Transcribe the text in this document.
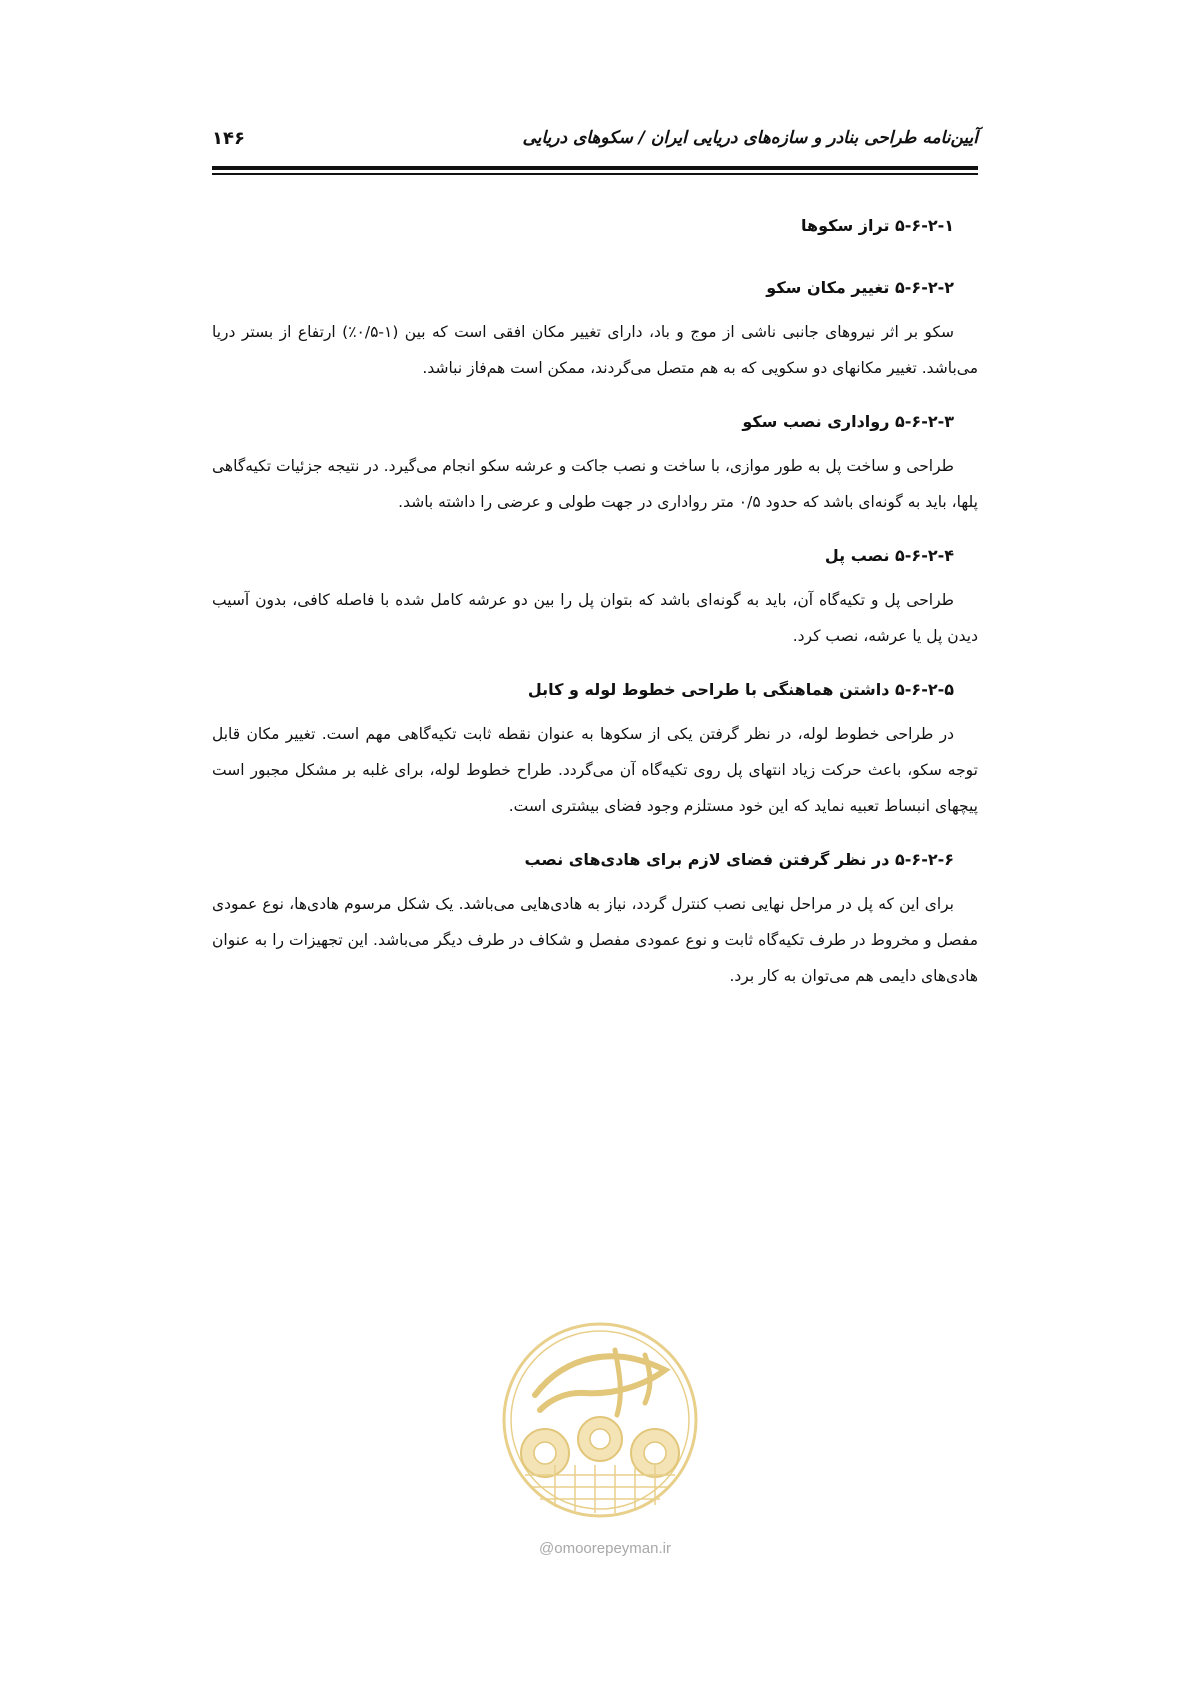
آیین‌نامه طراحی بنادر و سازه‌های دریایی ایران / سکوهای دریایی
۱۴۶

۵-۶-۲-۱ تراز سکوها

۵-۶-۲-۲ تغییر مکان سکو

سکو بر اثر نیروهای جانبی ناشی از موج و باد، دارای تغییر مکان افقی است که بین (۱-۰/۵٪) ارتفاع از بستر دریا می‌باشد. تغییر مکانهای دو سکویی که به هم متصل می‌گردند، ممکن است هم‌فاز نباشد.

۵-۶-۲-۳ رواداری نصب سکو

طراحی و ساخت پل به طور موازی، با ساخت و نصب جاکت و عرشه سکو انجام می‌گیرد. در نتیجه جزئیات تکیه‌گاهی پلها، باید به گونه‌ای باشد که حدود ۰/۵ متر رواداری در جهت طولی و عرضی را داشته باشد.

۵-۶-۲-۴ نصب پل

طراحی پل و تکیه‌گاه آن، باید به گونه‌ای باشد که بتوان پل را بین دو عرشه کامل شده با فاصله کافی، بدون آسیب دیدن پل یا عرشه، نصب کرد.

۵-۶-۲-۵ داشتن هماهنگی با طراحی خطوط لوله و کابل

در طراحی خطوط لوله، در نظر گرفتن یکی از سکوها به عنوان نقطه ثابت تکیه‌گاهی مهم است. تغییر مکان قابل توجه سکو، باعث حرکت زیاد انتهای پل روی تکیه‌گاه آن می‌گردد. طراح خطوط لوله، برای غلبه بر مشکل مجبور است پیچهای انبساط تعبیه نماید که این خود مستلزم وجود فضای بیشتری است.

۵-۶-۲-۶ در نظر گرفتن فضای لازم برای هادی‌های نصب

برای این که پل در مراحل نهایی نصب کنترل گردد، نیاز به هادی‌هایی می‌باشد. یک شکل مرسوم هادی‌ها، نوع عمودی مفصل و مخروط در طرف تکیه‌گاه ثابت و نوع عمودی مفصل و شکاف در طرف دیگر می‌باشد. این تجهیزات را به عنوان هادی‌های دایمی هم می‌توان به کار برد.

@omoorepeyman.ir
